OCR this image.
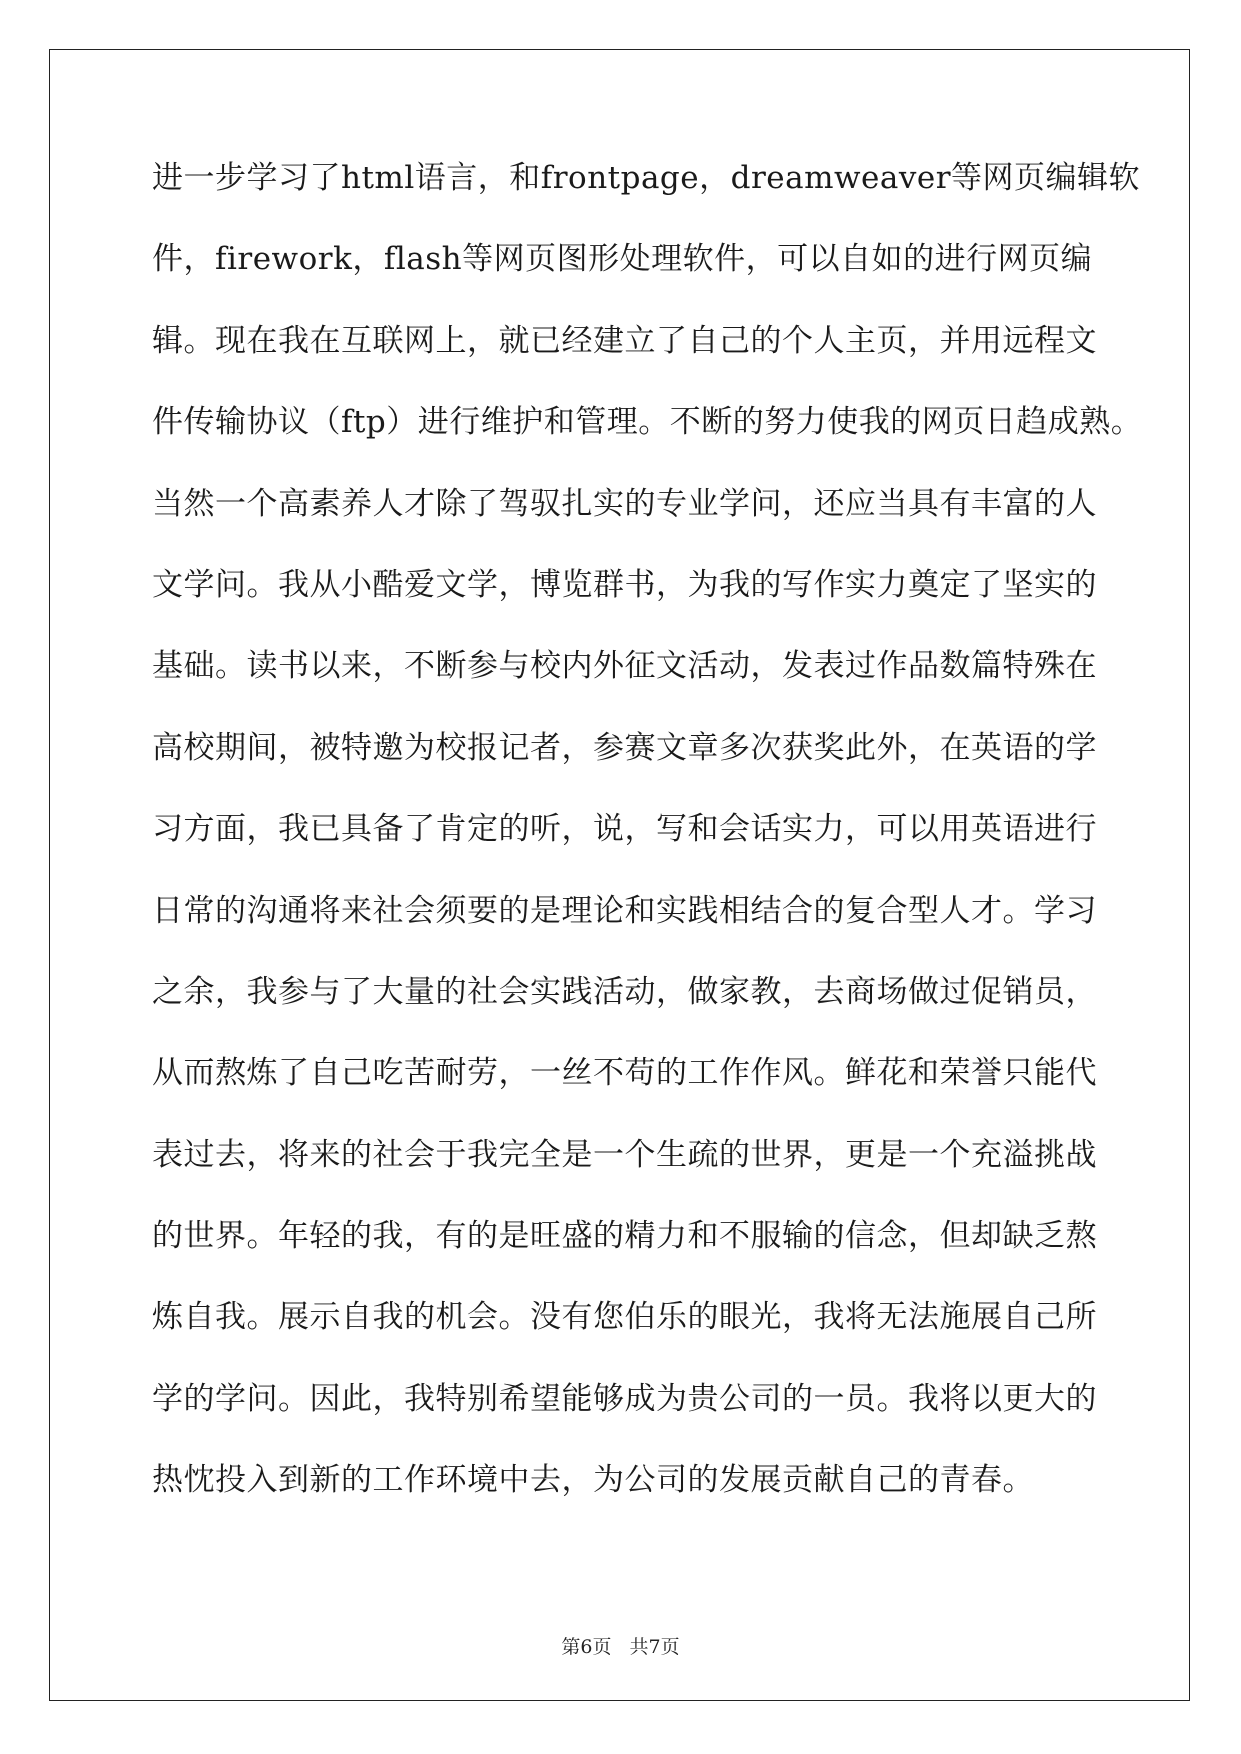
进一步学习了html语言，和frontpage，dreamweaver等网页编辑软
件，firework，flash等网页图形处理软件，可以自如的进行网页编
辑。现在我在互联网上，就已经建立了自己的个人主页，并用远程文
件传输协议（ftp）进行维护和管理。不断的努力使我的网页日趋成熟。
当然一个高素养人才除了驾驭扎实的专业学问，还应当具有丰富的人
文学问。我从小酷爱文学，博览群书，为我的写作实力奠定了坚实的
基础。读书以来，不断参与校内外征文活动，发表过作品数篇特殊在
高校期间，被特邀为校报记者，参赛文章多次获奖此外，在英语的学
习方面，我已具备了肯定的听，说，写和会话实力，可以用英语进行
日常的沟通将来社会须要的是理论和实践相结合的复合型人才。学习
之余，我参与了大量的社会实践活动，做家教，去商场做过促销员，
从而熬炼了自己吃苦耐劳，一丝不苟的工作作风。鲜花和荣誉只能代
表过去，将来的社会于我完全是一个生疏的世界，更是一个充溢挑战
的世界。年轻的我，有的是旺盛的精力和不服输的信念，但却缺乏熬
炼自我。展示自我的机会。没有您伯乐的眼光，我将无法施展自己所
学的学问。因此，我特别希望能够成为贵公司的一员。我将以更大的
热忱投入到新的工作环境中去，为公司的发展贡献自己的青春。
第6页 共7页
